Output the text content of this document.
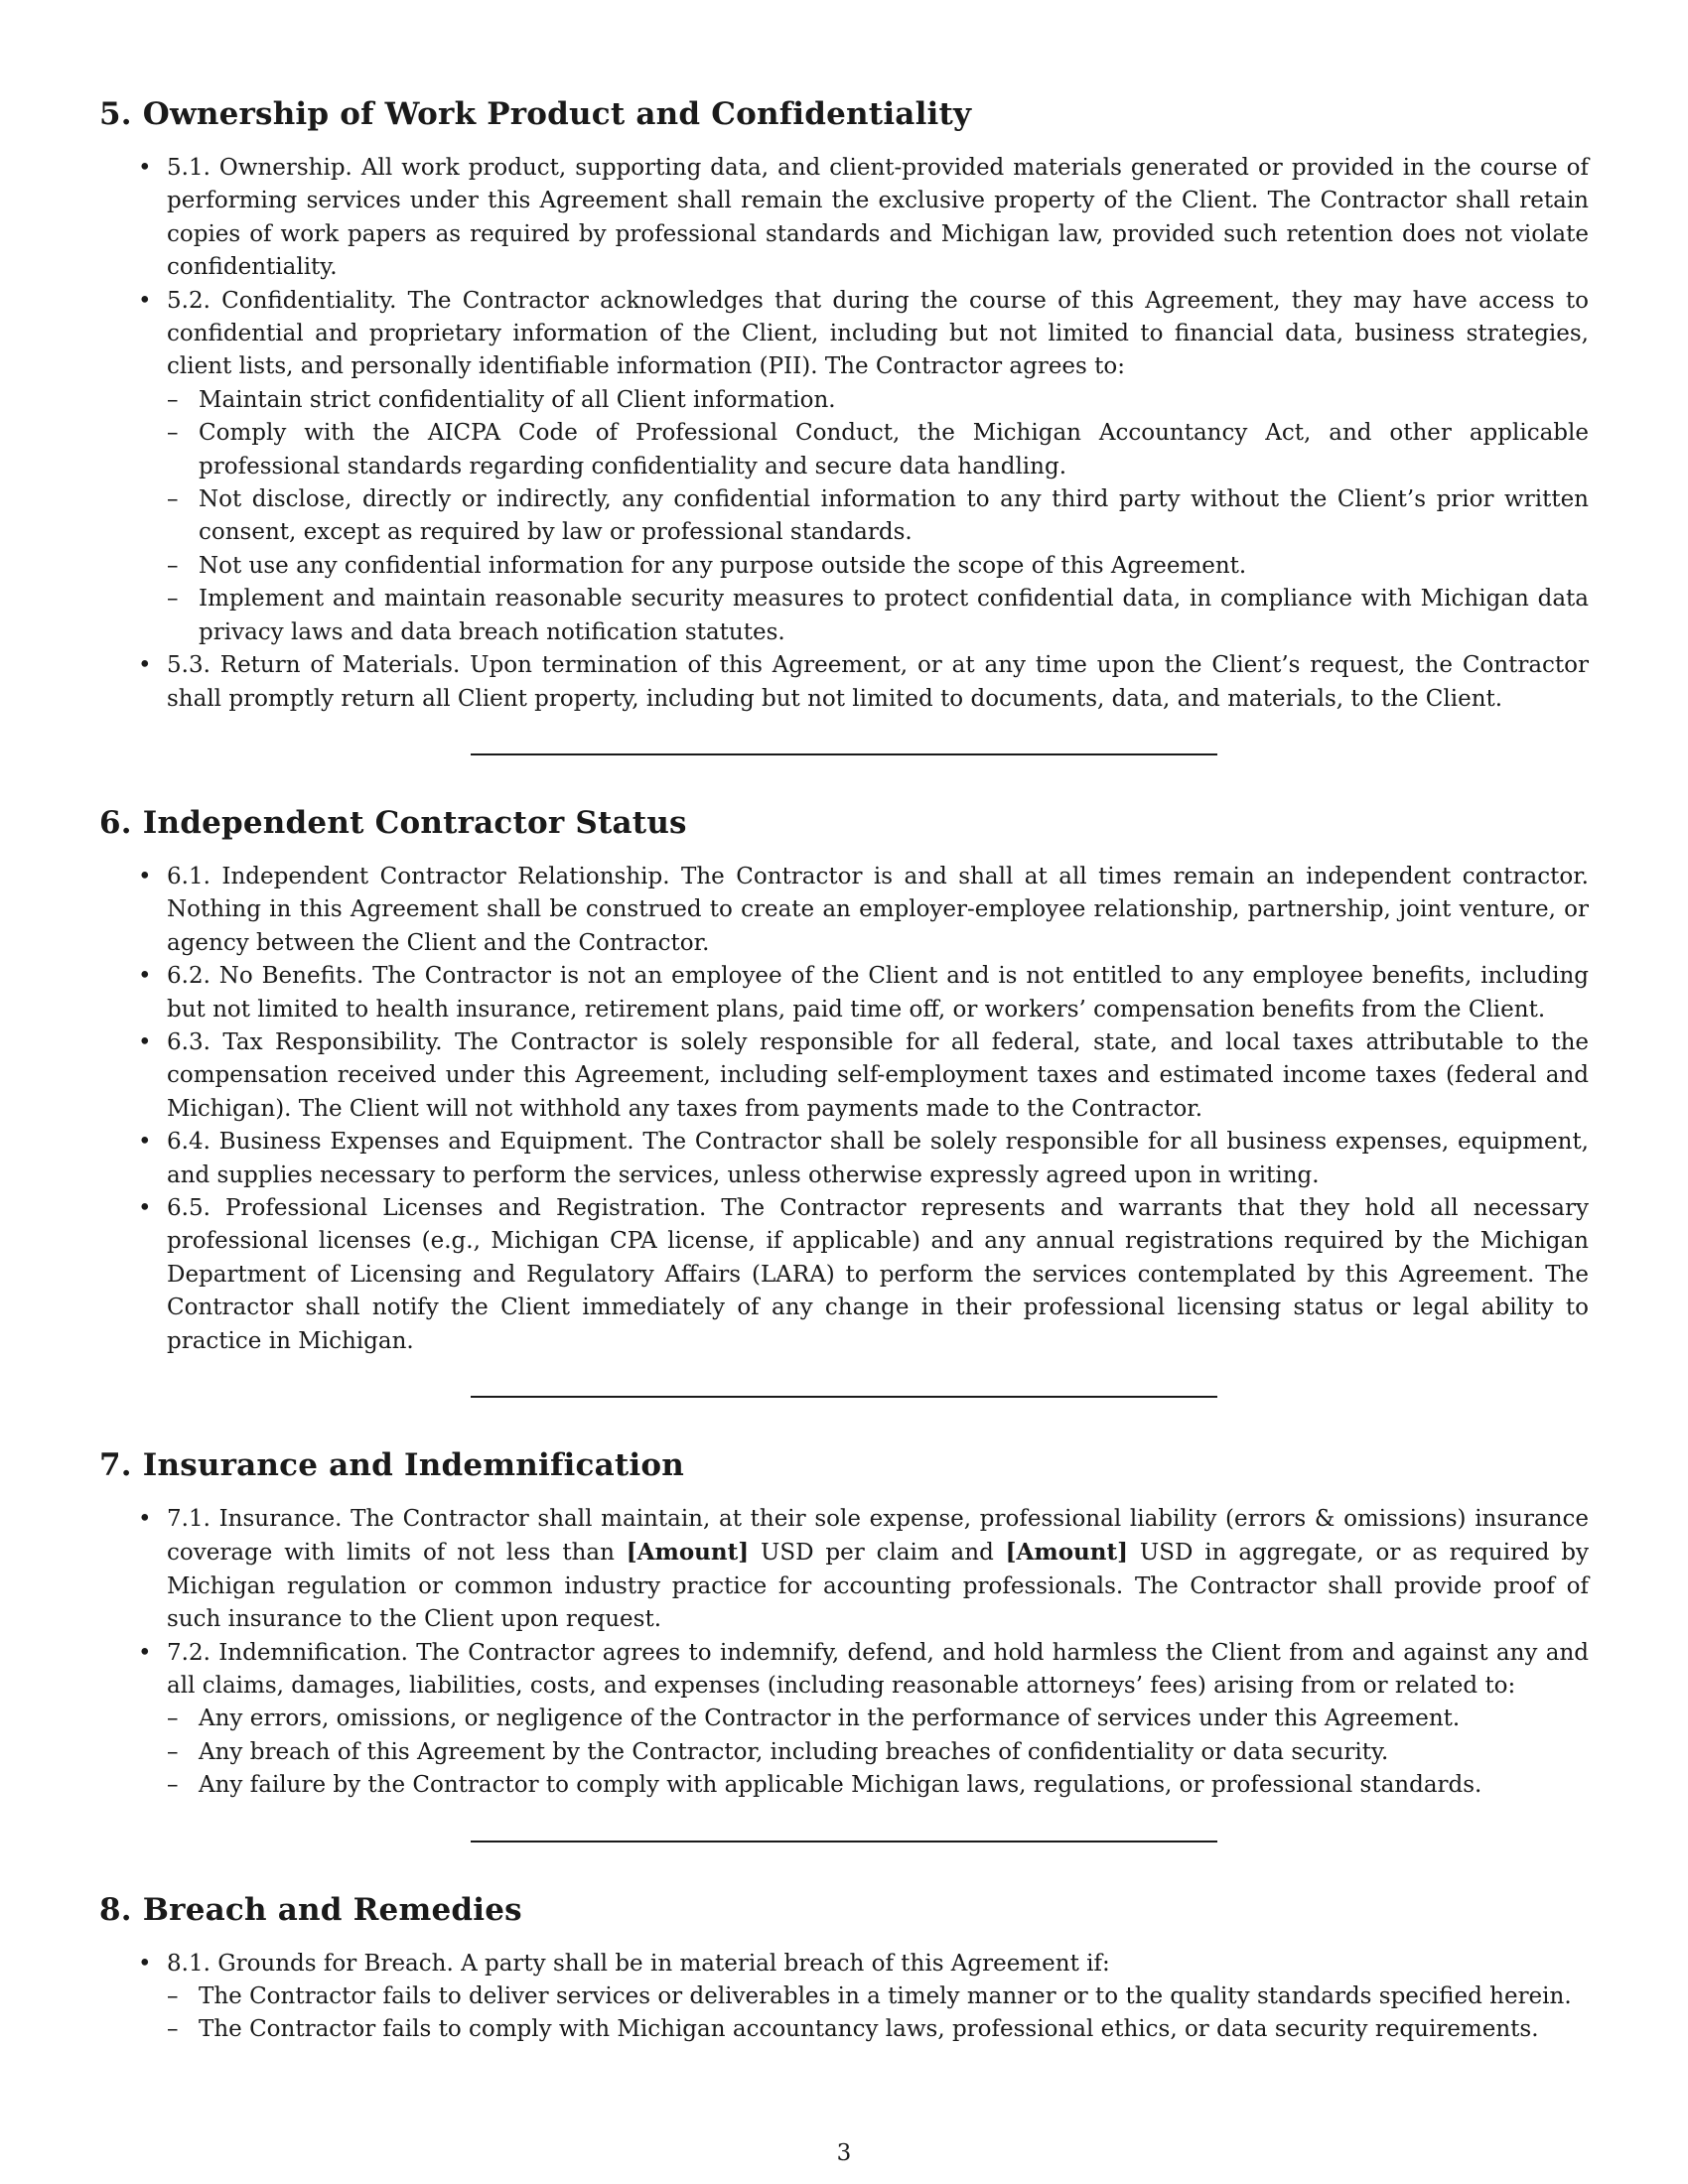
5. Ownership of Work Product and Confidentiality
• 5.1. Ownership. All work product, supporting data, and client-provided materials generated or provided in the course of performing services under this Agreement shall remain the exclusive property of the Client. The Contractor shall retain copies of work papers as required by professional standards and Michigan law, provided such retention does not violate confidentiality.
• 5.2. Confidentiality. The Contractor acknowledges that during the course of this Agreement, they may have access to confidential and proprietary information of the Client, including but not limited to financial data, business strategies, client lists, and personally identifiable information (PII). The Contractor agrees to:
– Maintain strict confidentiality of all Client information.
– Comply with the AICPA Code of Professional Conduct, the Michigan Accountancy Act, and other applicable professional standards regarding confidentiality and secure data handling.
– Not disclose, directly or indirectly, any confidential information to any third party without the Client’s prior written consent, except as required by law or professional standards.
– Not use any confidential information for any purpose outside the scope of this Agreement.
– Implement and maintain reasonable security measures to protect confidential data, in compliance with Michigan data privacy laws and data breach notification statutes.
• 5.3. Return of Materials. Upon termination of this Agreement, or at any time upon the Client’s request, the Contractor shall promptly return all Client property, including but not limited to documents, data, and materials, to the Client.
6. Independent Contractor Status
• 6.1. Independent Contractor Relationship. The Contractor is and shall at all times remain an independent contractor. Nothing in this Agreement shall be construed to create an employer-employee relationship, partnership, joint venture, or agency between the Client and the Contractor.
• 6.2. No Benefits. The Contractor is not an employee of the Client and is not entitled to any employee benefits, including but not limited to health insurance, retirement plans, paid time off, or workers’ compensation benefits from the Client.
• 6.3. Tax Responsibility. The Contractor is solely responsible for all federal, state, and local taxes attributable to the compensation received under this Agreement, including self-employment taxes and estimated income taxes (federal and Michigan). The Client will not withhold any taxes from payments made to the Contractor.
• 6.4. Business Expenses and Equipment. The Contractor shall be solely responsible for all business expenses, equipment, and supplies necessary to perform the services, unless otherwise expressly agreed upon in writing.
• 6.5. Professional Licenses and Registration. The Contractor represents and warrants that they hold all necessary professional licenses (e.g., Michigan CPA license, if applicable) and any annual registrations required by the Michigan Department of Licensing and Regulatory Affairs (LARA) to perform the services contemplated by this Agreement. The Contractor shall notify the Client immediately of any change in their professional licensing status or legal ability to practice in Michigan.
7. Insurance and Indemnification
• 7.1. Insurance. The Contractor shall maintain, at their sole expense, professional liability (errors & omissions) insurance coverage with limits of not less than [Amount] USD per claim and [Amount] USD in aggregate, or as required by Michigan regulation or common industry practice for accounting professionals. The Contractor shall provide proof of such insurance to the Client upon request.
• 7.2. Indemnification. The Contractor agrees to indemnify, defend, and hold harmless the Client from and against any and all claims, damages, liabilities, costs, and expenses (including reasonable attorneys’ fees) arising from or related to:
– Any errors, omissions, or negligence of the Contractor in the performance of services under this Agreement.
– Any breach of this Agreement by the Contractor, including breaches of confidentiality or data security.
– Any failure by the Contractor to comply with applicable Michigan laws, regulations, or professional standards.
8. Breach and Remedies
• 8.1. Grounds for Breach. A party shall be in material breach of this Agreement if:
– The Contractor fails to deliver services or deliverables in a timely manner or to the quality standards specified herein.
– The Contractor fails to comply with Michigan accountancy laws, professional ethics, or data security requirements.
3
